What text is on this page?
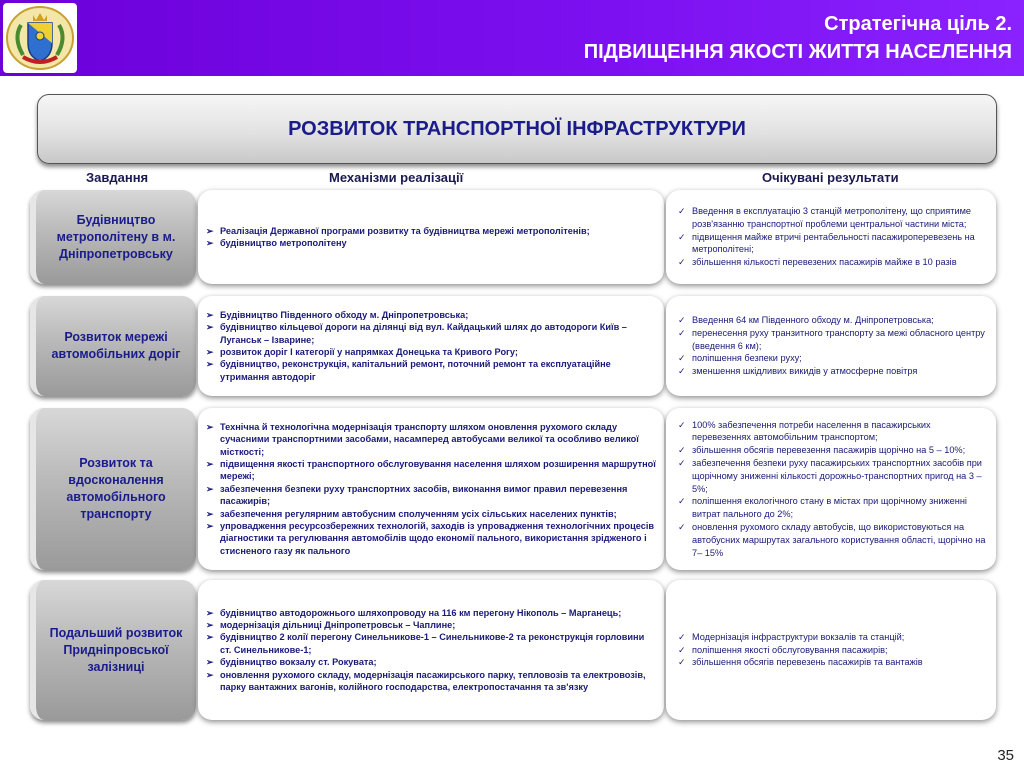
Стратегічна ціль 2.
ПІДВИЩЕННЯ ЯКОСТІ ЖИТТЯ НАСЕЛЕННЯ
РОЗВИТОК ТРАНСПОРТНОЇ ІНФРАСТРУКТУРИ
Завдання	Механізми реалізації	Очікувані результати
Будівництво метрополітену в м. Дніпропетровську
➢ Реалізація Державної програми розвитку та будівництва мережі метрополітенів;
➢ будівництво метрополітену
✓ Введення в експлуатацію 3 станцій метрополітену, що сприятиме розв'язанню транспортної проблеми центральної частини міста;
✓ підвищення майже втричі рентабельності пасажироперевезень на метрополітені;
✓ збільшення кількості перевезених пасажирів майже в 10 разів
Розвиток мережі автомобільних доріг
➢ Будівництво Південного обходу м. Дніпропетровська;
➢ будівництво кільцевої дороги на ділянці від вул. Кайдацький шлях до автодороги Київ – Луганськ – Ізварине;
➢ розвиток доріг І категорії у напрямках Донецька та Кривого Рогу;
➢ будівництво, реконструкція, капітальний ремонт, поточний ремонт та експлуатаційне утримання автодоріг
✓ Введення 64 км Південного обходу м. Дніпропетровська;
✓ перенесення руху транзитного транспорту за межі обласного центру (введення 6 км);
✓ поліпшення безпеки руху;
✓ зменшення шкідливих викидів у атмосферне повітря
Розвиток та вдосконалення автомобільного транспорту
➢ Технічна й технологічна модернізація транспорту шляхом оновлення рухомого складу сучасними транспортними засобами, насамперед автобусами великої та особливо великої місткості;
➢ підвищення якості транспортного обслуговування населення шляхом розширення маршрутної мережі;
➢ забезпечення безпеки руху транспортних засобів, виконання вимог правил перевезення пасажирів;
➢ забезпечення регулярним автобусним сполученням усіх сільських населених пунктів;
➢ упровадження ресурсозбережних технологій, заходів із упровадження технологічних процесів діагностики та регулювання автомобілів щодо економії пального, використання зрідженого і стисненого газу як пального
✓ 100% забезпечення потреби населення в пасажирських перевезеннях автомобільним транспортом;
✓ збільшення обсягів перевезення пасажирів щорічно на 5 – 10%;
✓ забезпечення безпеки руху пасажирських транспортних засобів при щорічному зниженні кількості дорожньо-транспортних пригод на 3 – 5%;
✓ поліпшення екологічного стану в містах при щорічному зниженні витрат пального до 2%;
✓ оновлення рухомого складу автобусів, що використовуються на автобусних маршрутах загального користування області, щорічно на 7– 15%
Подальший розвиток Придніпровської залізниці
➢ будівництво автодорожнього шляхопроводу на 116 км перегону Нікополь – Марганець;
➢ модернізація дільниці Дніпропетровськ – Чаплине;
➢ будівництво 2 колії перегону Синельникове-1 – Синельникове-2 та реконструкція горловини ст. Синельникове-1;
➢ будівництво вокзалу ст. Рокувата;
➢ оновлення рухомого складу, модернізація пасажирського парку, тепловозів та електровозів, парку вантажних вагонів, колійного господарства, електропостачання та зв'язку
✓ Модернізація інфраструктури вокзалів та станцій;
✓ поліпшення якості обслуговування пасажирів;
✓ збільшення обсягів перевезень пасажирів та вантажів
35
